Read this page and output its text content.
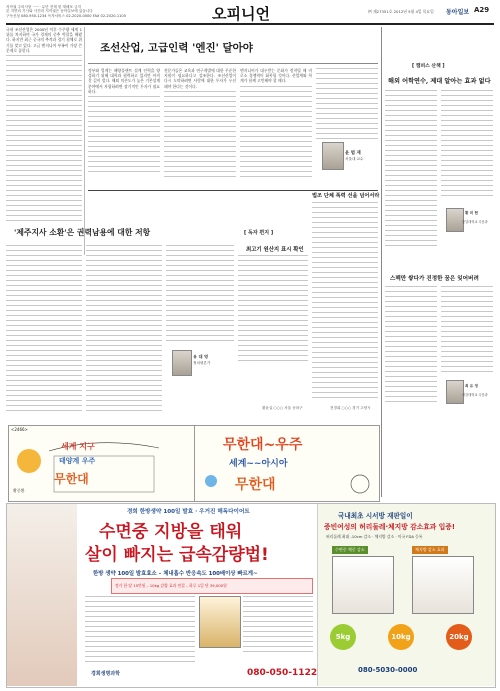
저작권 주의사항 ······· 무단 전재 및 재배포 금지
본 지면의 기사와 사진의 저작권은 동아일보에 있습니다
구독신청 080-950-1234 독자서비스 02-2020-0000 FAX 02-2020-1100	오피니언	㈜ 제27351호 2012년 5월 4일 목요일 동아일보 A29
국내 조선산업은 2000년 이후 수주량 세계 1위를 차지하며 국가 경제의 중추 역할을 해왔다. 하지만 최근 중국의 추격과 경기 침체로 위기를 맞고 있다. 고급 엔지니어 부족이 가장 큰 문제로 꼽힌다.	조선산업, 고급인력 '엔진' 달아야
정부와 업계는 해양플랜트 설계 인력을 양성하기 위해 대학과 협력하고 있지만 아직 갈 길이 멀다. 해외 의존도가 높은 기본설계 분야에서 자립하려면 장기적인 투자가 필요하다.
전문가들은 교육과 연구개발에 대한 꾸준한 지원이 필요하다고 강조한다. 조선산업이 다시 도약하려면 사람에 대한 투자가 우선돼야 한다는 것이다.
엔지니어가 대우받는 문화가 정착될 때 비로소 경쟁력이 회복될 것이다. 산업계와 학계가 함께 고민해야 할 때다.
윤 범 재
서울대 교수
'제주지사 소환'은 권력남용에 대한 저항
유 대 영
정치평론가
[ 독자 편지 ]
최고기 원산지 표시 확인
황윤실 ○○○ 서울 송파구
법조 단체 폭력 선을 넘어서라
전경희 ○○○ 경기 고양시
[ 캠퍼스 산책 ]
해외 어학연수, 제대 알아는 효과 없다
황 미 현
중앙대학교 국문과
스펙만 쌓다가 진정한 꿈은 잊어버려
최 유 정
서강대학교 국문과
<2466>
세계 지구
태양계 우주
무한대
황중환
무한대~우주
세계~~아시아
무한대
경희 한방생약 100일 발효 · 우거진 해독다이어트
수면중 지방을 태워
살이 빠지는 급속감량법!
한방 생약 100일 발효효소 – 체내흡수 반응속도 100배이상 빠르게~
정가 한 달 15만원 – 10kg 감량 효과 연결 – 하루 1일 단 39,000원
경희생명과학	080-050-1122
국내최초 시서방 재판일이
증빈여성의 허리둘레·체지방 감소효과 입증!
허리둘레 최대 -10cm 감소 · 체지방 감소 · 미국 FDA 등록
수면중 체중 감소	체지방 감소 효과
5kg	10kg	20kg
080-5030-0000
